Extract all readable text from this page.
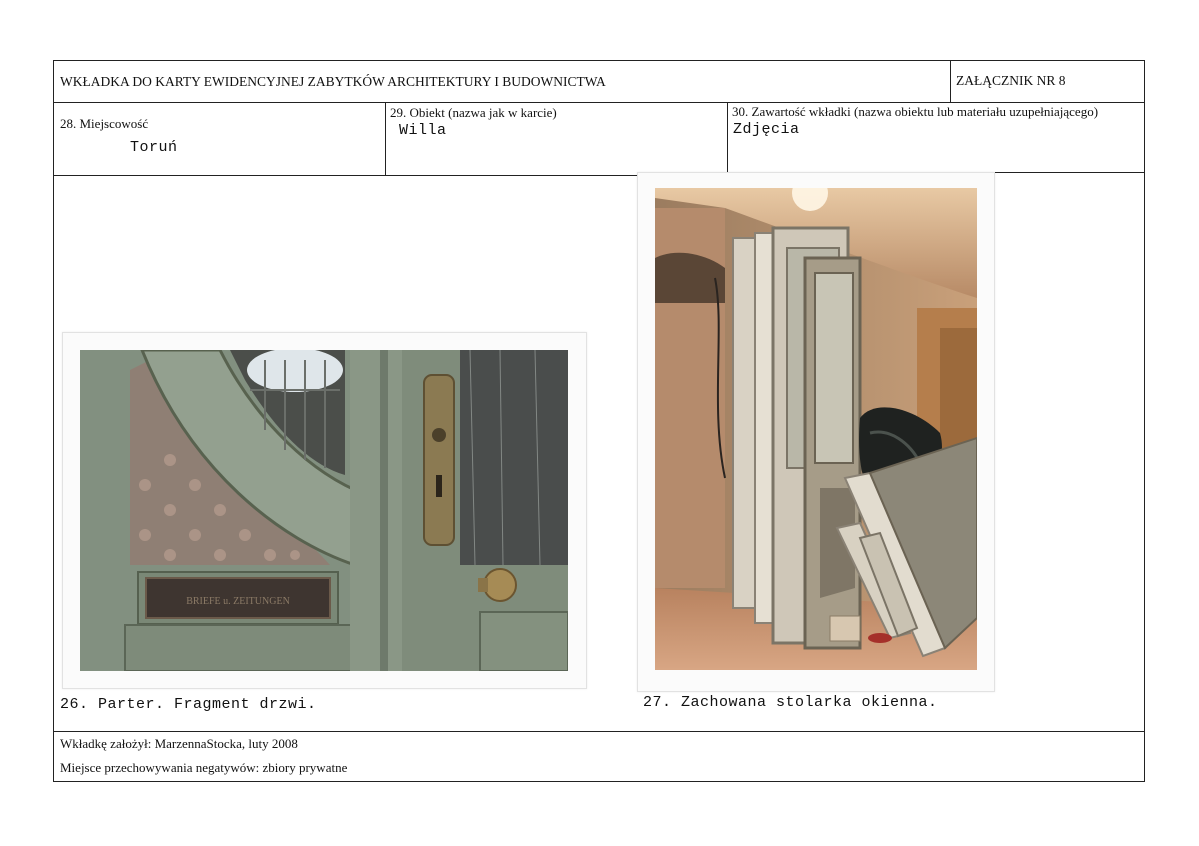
WKŁADKA DO KARTY EWIDENCYJNEJ ZABYTKÓW ARCHITEKTURY I BUDOWNICTWA	ZAŁĄCZNIK NR 8
28. Miejscowość
Toruń
29. Obiekt (nazwa jak w karcie)
Willa
30. Zawartość wkładki (nazwa obiektu lub materiału uzupełniającego)
Zdjęcia
BRIEFE u. ZEITUNGEN
26. Parter. Fragment drzwi.	27. Zachowana stolarka okienna.
Wkładkę założył: MarzennaStocka, luty 2008
Miejsce przechowywania negatywów: zbiory prywatne
